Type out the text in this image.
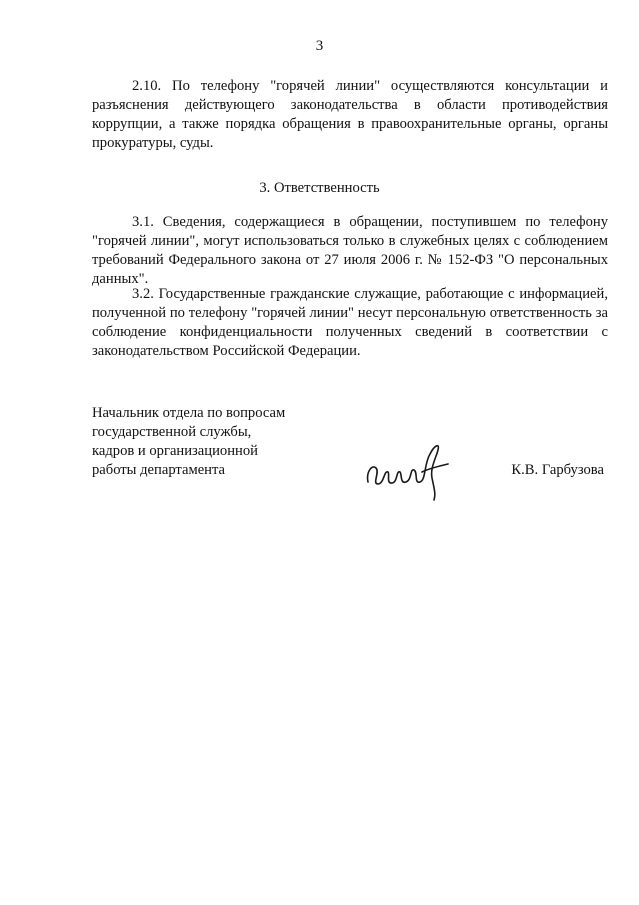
3
2.10. По телефону "горячей линии" осуществляются консультации и разъяснения действующего законодательства в области противодействия коррупции, а также порядка обращения в правоохранительные органы, органы прокуратуры, суды.
3. Ответственность
3.1. Сведения, содержащиеся в обращении, поступившем по телефону "горячей линии", могут использоваться только в служебных целях с соблюдением требований Федерального закона от 27 июля 2006 г. № 152-ФЗ "О персональных данных".
3.2. Государственные гражданские служащие, работающие с информацией, полученной по телефону "горячей линии" несут персональную ответственность за соблюдение конфиденциальности полученных сведений в соответствии с законодательством Российской Федерации.
Начальник отдела по вопросам
государственной службы,
кадров и организационной
работы департамента	К.В. Гарбузова
